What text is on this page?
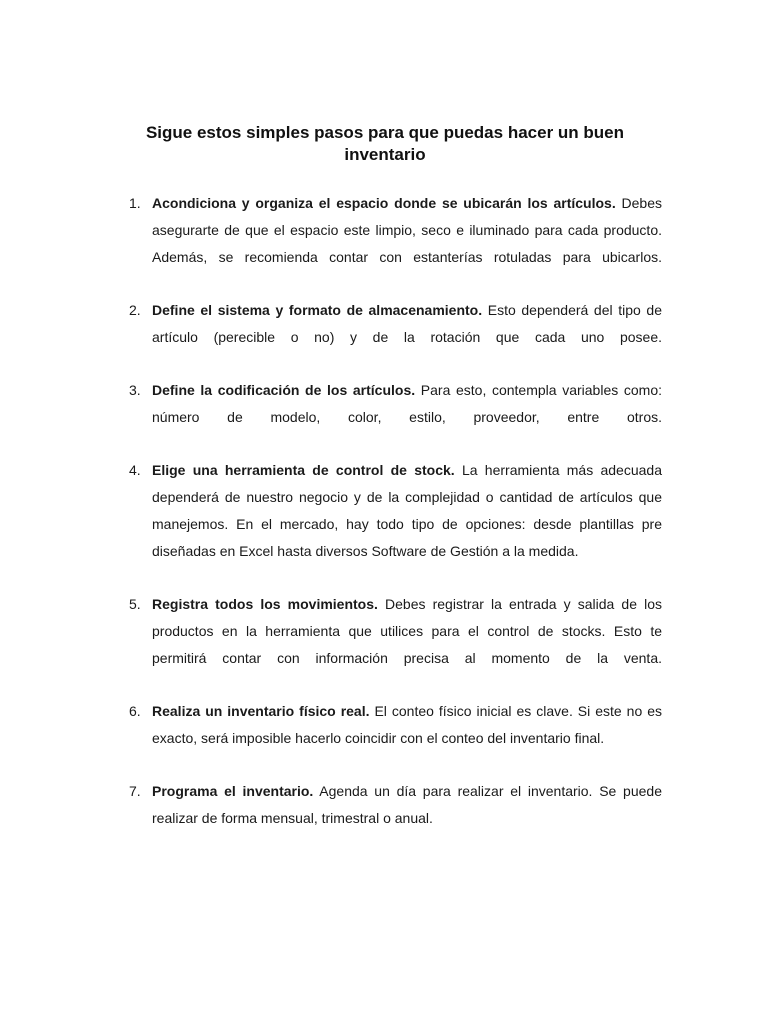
Sigue estos simples pasos para que puedas hacer un buen inventario
1. Acondiciona y organiza el espacio donde se ubicarán los artículos. Debes asegurarte de que el espacio este limpio, seco e iluminado para cada producto. Además, se recomienda contar con estanterías rotuladas para ubicarlos.
2. Define el sistema y formato de almacenamiento. Esto dependerá del tipo de artículo (perecible o no) y de la rotación que cada uno posee.
3. Define la codificación de los artículos. Para esto, contempla variables como: número de modelo, color, estilo, proveedor, entre otros.
4. Elige una herramienta de control de stock. La herramienta más adecuada dependerá de nuestro negocio y de la complejidad o cantidad de artículos que manejemos. En el mercado, hay todo tipo de opciones: desde plantillas pre diseñadas en Excel hasta diversos Software de Gestión a la medida.
5. Registra todos los movimientos. Debes registrar la entrada y salida de los productos en la herramienta que utilices para el control de stocks. Esto te permitirá contar con información precisa al momento de la venta.
6. Realiza un inventario físico real. El conteo físico inicial es clave. Si este no es exacto, será imposible hacerlo coincidir con el conteo del inventario final.
7. Programa el inventario. Agenda un día para realizar el inventario. Se puede realizar de forma mensual, trimestral o anual.
